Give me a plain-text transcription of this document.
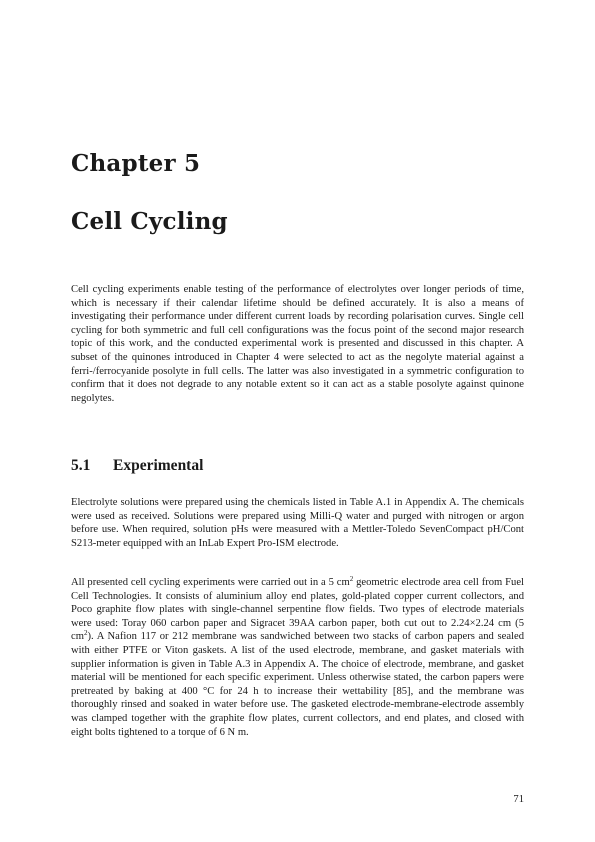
Chapter 5
Cell Cycling
Cell cycling experiments enable testing of the performance of electrolytes over longer periods of time, which is necessary if their calendar lifetime should be defined accurately. It is also a means of investigating their performance under different current loads by recording polarisation curves. Single cell cycling for both symmetric and full cell configurations was the focus point of the second major research topic of this work, and the conducted experimental work is presented and discussed in this chapter. A subset of the quinones introduced in Chapter 4 were selected to act as the negolyte material against a ferri-/ferrocyanide posolyte in full cells. The latter was also investigated in a symmetric configuration to confirm that it does not degrade to any notable extent so it can act as a stable posolyte against quinone negolytes.
5.1 Experimental
Electrolyte solutions were prepared using the chemicals listed in Table A.1 in Appendix A. The chemicals were used as received. Solutions were prepared using Milli-Q water and purged with nitrogen or argon before use. When required, solution pHs were measured with a Mettler-Toledo SevenCompact pH/Cont S213-meter equipped with an InLab Expert Pro-ISM electrode.
All presented cell cycling experiments were carried out in a 5 $cm^2$ geometric electrode area cell from Fuel Cell Technologies. It consists of aluminium alloy end plates, gold-plated copper current collectors, and Poco graphite flow plates with single-channel serpentine flow fields. Two types of electrode materials were used: Toray 060 carbon paper and Sigracet 39AA carbon paper, both cut out to 2.24×2.24 cm (5 $cm^2$). A Nafion 117 or 212 membrane was sandwiched between two stacks of carbon papers and sealed with either PTFE or Viton gaskets. A list of the used electrode, membrane, and gasket materials with supplier information is given in Table A.3 in Appendix A. The choice of electrode, membrane, and gasket material will be mentioned for each specific experiment. Unless otherwise stated, the carbon papers were pretreated by baking at 400 °C for 24 h to increase their wettability [85], and the membrane was thoroughly rinsed and soaked in water before use. The gasketed electrode-membrane-electrode assembly was clamped together with the graphite flow plates, current collectors, and end plates, and closed with eight bolts tightened to a torque of 6 N m.
71
